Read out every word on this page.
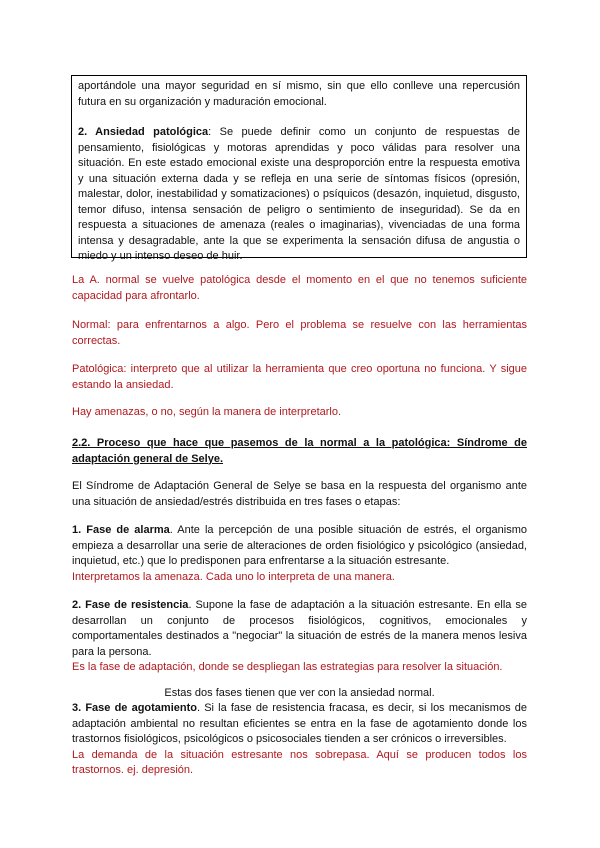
aportándole una mayor seguridad en sí mismo, sin que ello conlleve una repercusión futura en su organización y maduración emocional.

2. Ansiedad patológica: Se puede definir como un conjunto de respuestas de pensamiento, fisiológicas y motoras aprendidas y poco válidas para resolver una situación. En este estado emocional existe una desproporción entre la respuesta emotiva y una situación externa dada y se refleja en una serie de síntomas físicos (opresión, malestar, dolor, inestabilidad y somatizaciones) o psíquicos (desazón, inquietud, disgusto, temor difuso, intensa sensación de peligro o sentimiento de inseguridad). Se da en respuesta a situaciones de amenaza (reales o imaginarias), vivenciadas de una forma intensa y desagradable, ante la que se experimenta la sensación difusa de angustia o miedo y un intenso deseo de huir.

La A. normal se vuelve patológica desde el momento en el que no tenemos suficiente capacidad para afrontarlo.

Normal: para enfrentarnos a algo. Pero el problema se resuelve con las herramientas correctas.

Patológica: interpreto que al utilizar la herramienta que creo oportuna no funciona. Y sigue estando la ansiedad.

Hay amenazas, o no, según la manera de interpretarlo.

2.2. Proceso que hace que pasemos de la normal a la patológica: Síndrome de adaptación general de Selye.

El Síndrome de Adaptación General de Selye se basa en la respuesta del organismo ante una situación de ansiedad/estrés distribuida en tres fases o etapas:

1. Fase de alarma. Ante la percepción de una posible situación de estrés, el organismo empieza a desarrollar una serie de alteraciones de orden fisiológico y psicológico (ansiedad, inquietud, etc.) que lo predisponen para enfrentarse a la situación estresante.

Interpretamos la amenaza. Cada uno lo interpreta de una manera.

2. Fase de resistencia. Supone la fase de adaptación a la situación estresante. En ella se desarrollan un conjunto de procesos fisiológicos, cognitivos, emocionales y comportamentales destinados a "negociar" la situación de estrés de la manera menos lesiva para la persona.

Es la fase de adaptación, donde se despliegan las estrategias para resolver la situación.

Estas dos fases tienen que ver con la ansiedad normal.

3. Fase de agotamiento. Si la fase de resistencia fracasa, es decir, si los mecanismos de adaptación ambiental no resultan eficientes se entra en la fase de agotamiento donde los trastornos fisiológicos, psicológicos o psicosociales tienden a ser crónicos o irreversibles.

La demanda de la situación estresante nos sobrepasa. Aquí se producen todos los trastornos. ej. depresión.
